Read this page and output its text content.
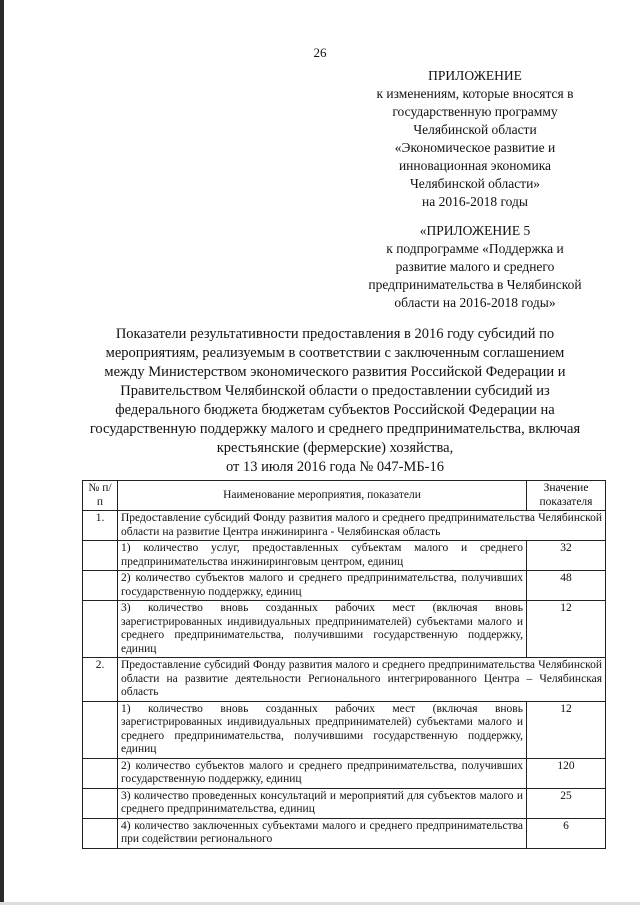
26
ПРИЛОЖЕНИЕ
к изменениям, которые вносятся в
государственную программу
Челябинской области
«Экономическое развитие и
инновационная экономика
Челябинской области»
на 2016-2018 годы
«ПРИЛОЖЕНИЕ 5
к подпрограмме «Поддержка и
развитие малого и среднего
предпринимательства в Челябинской
области на 2016-2018 годы»
Показатели результативности предоставления в 2016 году субсидий по
мероприятиям, реализуемым в соответствии с заключенным соглашением
между Министерством экономического развития Российской Федерации и
Правительством Челябинской области о предоставлении субсидий из
федерального бюджета бюджетам субъектов Российской Федерации на
государственную поддержку малого и среднего предпринимательства, включая
крестьянские (фермерские) хозяйства,
от 13 июля 2016 года № 047-МБ-16
№ п/п	Наименование мероприятия, показатели	Значение показателя
1.	Предоставление субсидий Фонду развития малого и среднего предпринимательства Челябинской области на развитие Центра инжиниринга - Челябинская область	
	1) количество услуг, предоставленных субъектам малого и среднего предпринимательства инжиниринговым центром, единиц	32
	2) количество субъектов малого и среднего предпринимательства, получивших государственную поддержку, единиц	48
	3) количество вновь созданных рабочих мест (включая вновь зарегистрированных индивидуальных предпринимателей) субъектами малого и среднего предпринимательства, получившими государственную поддержку, единиц	12
2.	Предоставление субсидий Фонду развития малого и среднего предпринимательства Челябинской области на развитие деятельности Регионального интегрированного Центра – Челябинская область	
	1) количество вновь созданных рабочих мест (включая вновь зарегистрированных индивидуальных предпринимателей) субъектами малого и среднего предпринимательства, получившими государственную поддержку, единиц	12
	2) количество субъектов малого и среднего предпринимательства, получивших государственную поддержку, единиц	120
	3) количество проведенных консультаций и мероприятий для субъектов малого и среднего предпринимательства, единиц	25
	4) количество заключенных субъектами малого и среднего предпринимательства при содействии регионального	6
